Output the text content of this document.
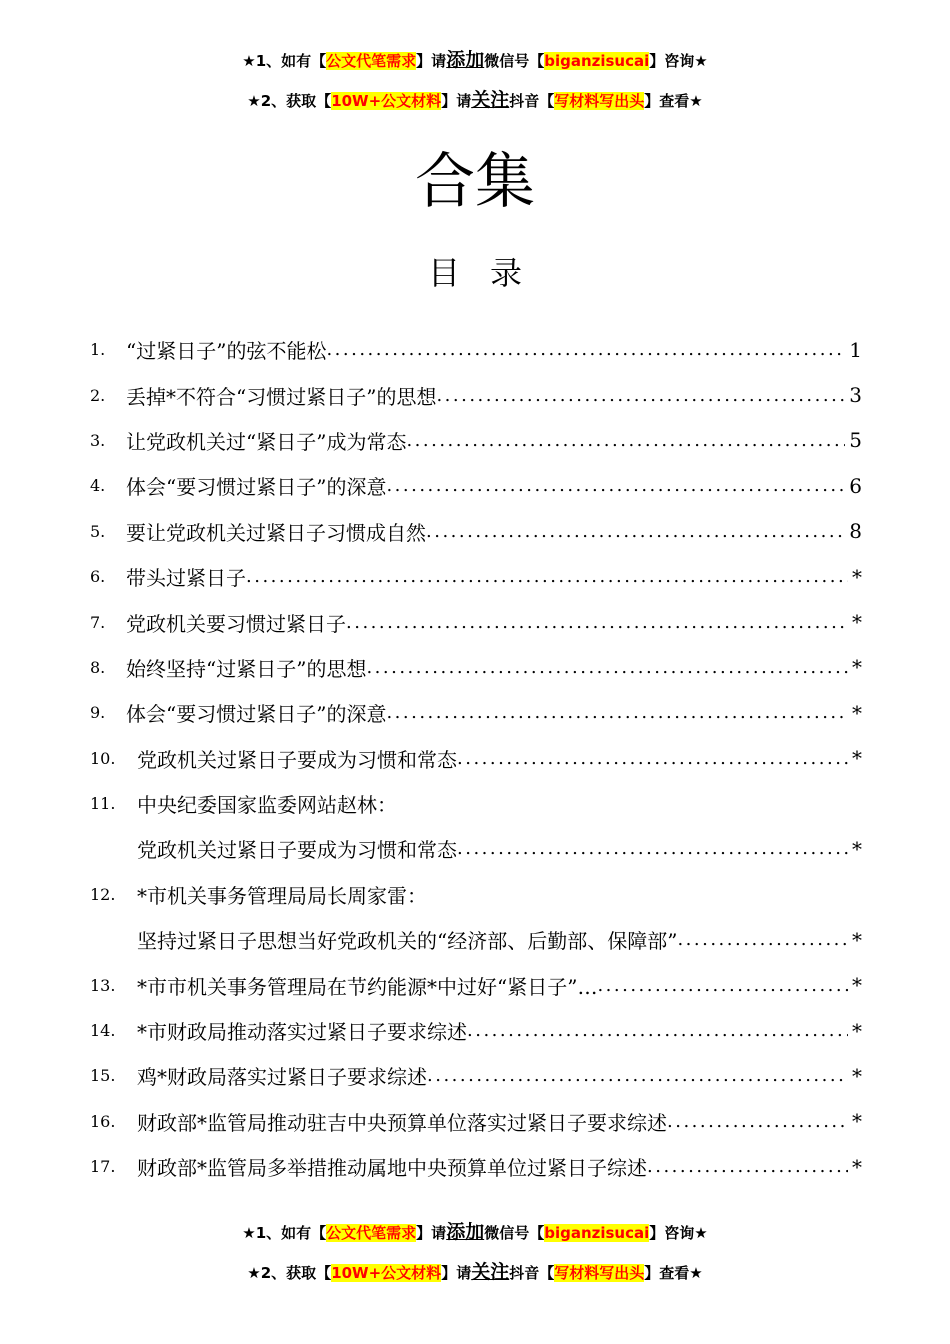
★1、如有【公文代笔需求】请添加微信号【biganzisucai】咨询★
★2、获取【10W+公文材料】请关注抖音【写材料写出头】查看★
合集
目录
1.	“过紧日子”的弦不能松 .....	1
2.	丢掉*不符合“习惯过紧日子”的思想 .....	3
3.	让党政机关过“紧日子”成为常态 .....	5
4.	体会“要习惯过紧日子”的深意 .....	6
5.	要让党政机关过紧日子习惯成自然 .....	8
6.	带头过紧日子 .....	*
7.	党政机关要习惯过紧日子 .....	*
8.	始终坚持“过紧日子”的思想 .....	*
9.	体会“要习惯过紧日子”的深意 .....	*
10.	党政机关过紧日子要成为习惯和常态 .....	*
11.	中央纪委国家监委网站赵林：
党政机关过紧日子要成为习惯和常态 .....	*
12.	*市机关事务管理局局长周家雷：
坚持过紧日子思想当好党政机关的“经济部、后勤部、保障部” .....	*
13.	*市市机关事务管理局在节约能源*中过好“紧日子”… .....	*
14.	*市财政局推动落实过紧日子要求综述 .....	*
15.	鸡*财政局落实过紧日子要求综述 .....	*
16.	财政部*监管局推动驻吉中央预算单位落实过紧日子要求综述 .....	*
17.	财政部*监管局多举措推动属地中央预算单位过紧日子综述 .....	*
★1、如有【公文代笔需求】请添加微信号【biganzisucai】咨询★
★2、获取【10W+公文材料】请关注抖音【写材料写出头】查看★
